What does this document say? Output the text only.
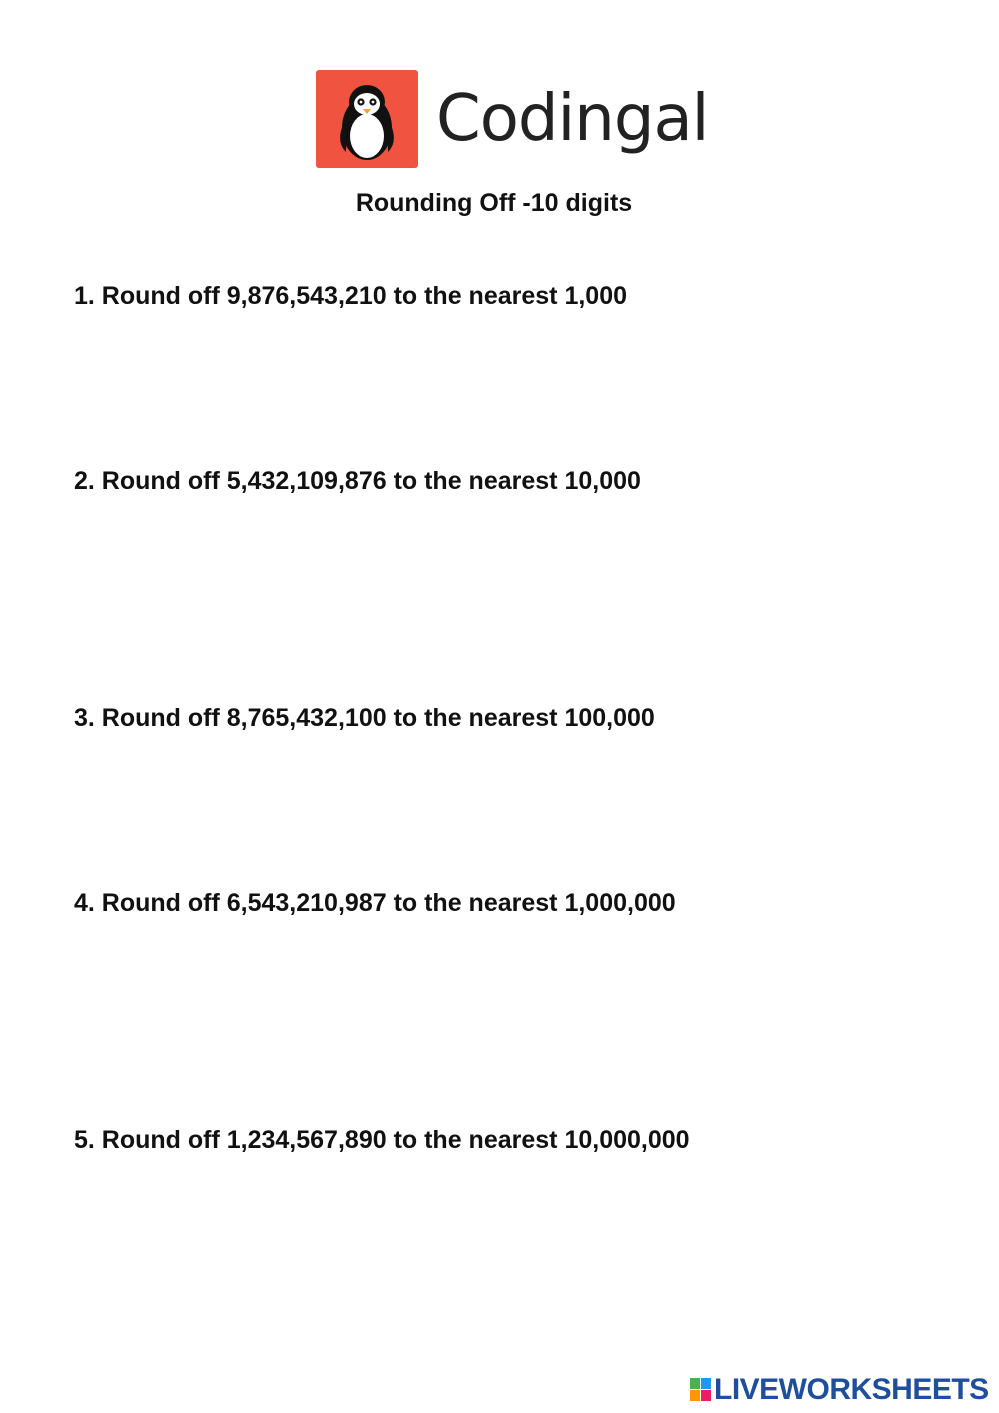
Codingal
Rounding Off -10 digits
1. Round off 9,876,543,210 to the nearest 1,000
2. Round off 5,432,109,876 to the nearest 10,000
3. Round off 8,765,432,100 to the nearest 100,000
4. Round off 6,543,210,987 to the nearest 1,000,000
5. Round off 1,234,567,890 to the nearest 10,000,000
LIVEWORKSHEETS
